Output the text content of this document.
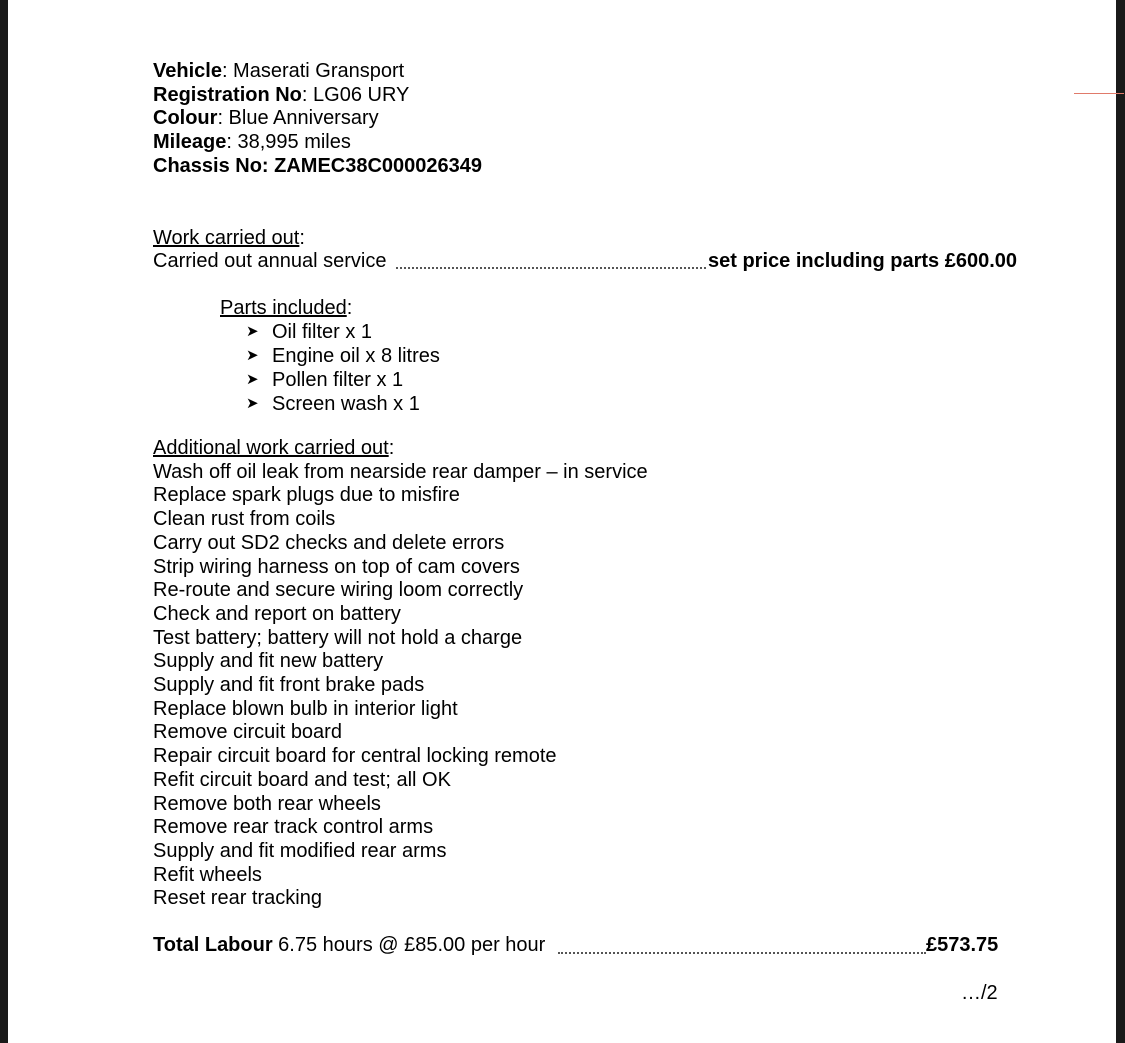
Vehicle: Maserati Gransport
Registration No: LG06 URY
Colour: Blue Anniversary
Mileage: 38,995 miles
Chassis No: ZAMEC38C000026349
Work carried out:
Carried out annual service	set price including parts £600.00
Parts included:
➤ Oil filter x 1
➤ Engine oil x 8 litres
➤ Pollen filter x 1
➤ Screen wash x 1
Additional work carried out:
Wash off oil leak from nearside rear damper – in service
Replace spark plugs due to misfire
Clean rust from coils
Carry out SD2 checks and delete errors
Strip wiring harness on top of cam covers
Re-route and secure wiring loom correctly
Check and report on battery
Test battery; battery will not hold a charge
Supply and fit new battery
Supply and fit front brake pads
Replace blown bulb in interior light
Remove circuit board
Repair circuit board for central locking remote
Refit circuit board and test; all OK
Remove both rear wheels
Remove rear track control arms
Supply and fit modified rear arms
Refit wheels
Reset rear tracking
Total Labour 6.75 hours @ £85.00 per hour	£573.75
…/2
